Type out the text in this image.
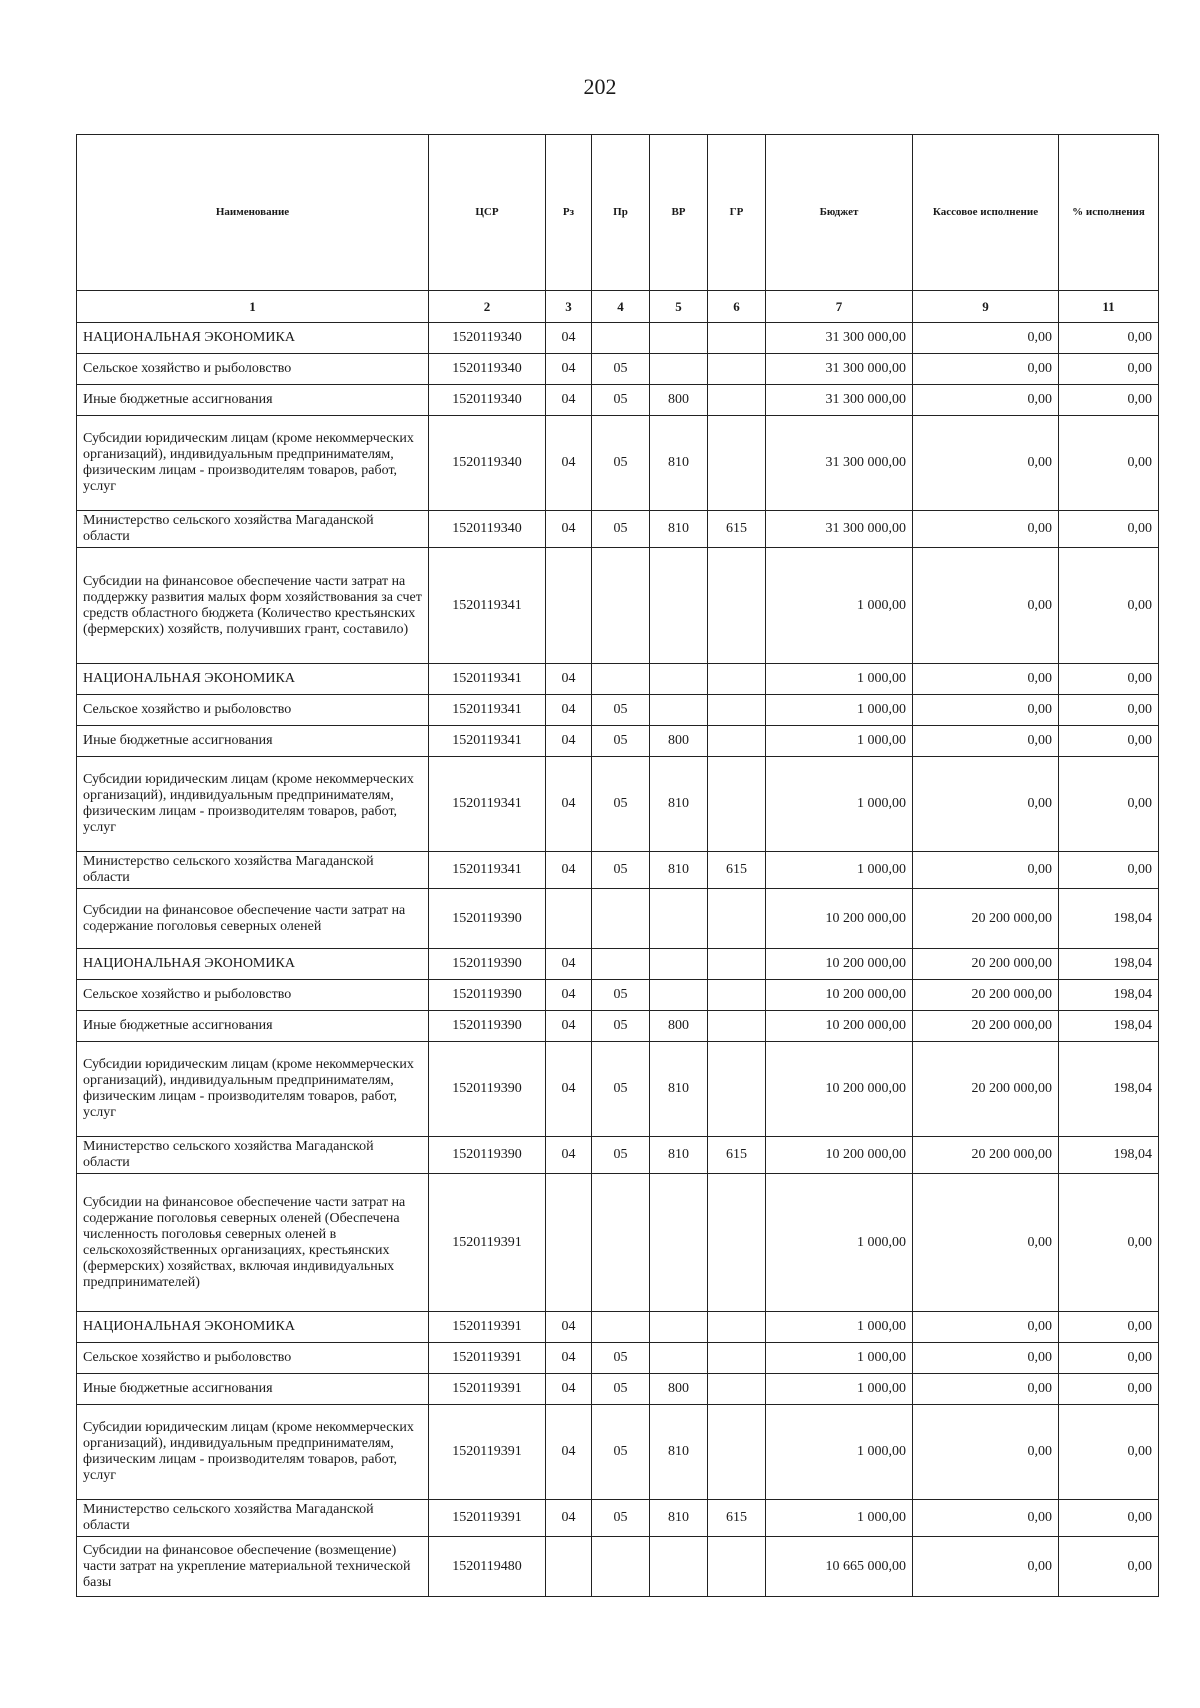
202
Наименование	ЦСР	Рз	Пр	ВР	ГР	Бюджет	Кассовое исполнение	% исполнения
1	2	3	4	5	6	7	9	11
НАЦИОНАЛЬНАЯ ЭКОНОМИКА	1520119340	04				31 300 000,00	0,00	0,00
Сельское хозяйство и рыболовство	1520119340	04	05			31 300 000,00	0,00	0,00
Иные бюджетные ассигнования	1520119340	04	05	800		31 300 000,00	0,00	0,00
Субсидии юридическим лицам (кроме некоммерческих организаций), индивидуальным предпринимателям, физическим лицам - производителям товаров, работ, услуг	1520119340	04	05	810		31 300 000,00	0,00	0,00
Министерство сельского хозяйства Магаданской области	1520119340	04	05	810	615	31 300 000,00	0,00	0,00
Субсидии на финансовое обеспечение части затрат на поддержку развития малых форм хозяйствования за счет средств областного бюджета (Количество крестьянских (фермерских) хозяйств, получивших грант, составило)	1520119341					1 000,00	0,00	0,00
НАЦИОНАЛЬНАЯ ЭКОНОМИКА	1520119341	04				1 000,00	0,00	0,00
Сельское хозяйство и рыболовство	1520119341	04	05			1 000,00	0,00	0,00
Иные бюджетные ассигнования	1520119341	04	05	800		1 000,00	0,00	0,00
Субсидии юридическим лицам (кроме некоммерческих организаций), индивидуальным предпринимателям, физическим лицам - производителям товаров, работ, услуг	1520119341	04	05	810		1 000,00	0,00	0,00
Министерство сельского хозяйства Магаданской области	1520119341	04	05	810	615	1 000,00	0,00	0,00
Субсидии на финансовое обеспечение части затрат на содержание поголовья северных оленей	1520119390					10 200 000,00	20 200 000,00	198,04
НАЦИОНАЛЬНАЯ ЭКОНОМИКА	1520119390	04				10 200 000,00	20 200 000,00	198,04
Сельское хозяйство и рыболовство	1520119390	04	05			10 200 000,00	20 200 000,00	198,04
Иные бюджетные ассигнования	1520119390	04	05	800		10 200 000,00	20 200 000,00	198,04
Субсидии юридическим лицам (кроме некоммерческих организаций), индивидуальным предпринимателям, физическим лицам - производителям товаров, работ, услуг	1520119390	04	05	810		10 200 000,00	20 200 000,00	198,04
Министерство сельского хозяйства Магаданской области	1520119390	04	05	810	615	10 200 000,00	20 200 000,00	198,04
Субсидии на финансовое обеспечение части затрат на содержание поголовья северных оленей (Обеспечена численность поголовья северных оленей в сельскохозяйственных организациях, крестьянских (фермерских) хозяйствах, включая индивидуальных предпринимателей)	1520119391					1 000,00	0,00	0,00
НАЦИОНАЛЬНАЯ ЭКОНОМИКА	1520119391	04				1 000,00	0,00	0,00
Сельское хозяйство и рыболовство	1520119391	04	05			1 000,00	0,00	0,00
Иные бюджетные ассигнования	1520119391	04	05	800		1 000,00	0,00	0,00
Субсидии юридическим лицам (кроме некоммерческих организаций), индивидуальным предпринимателям, физическим лицам - производителям товаров, работ, услуг	1520119391	04	05	810		1 000,00	0,00	0,00
Министерство сельского хозяйства Магаданской области	1520119391	04	05	810	615	1 000,00	0,00	0,00
Субсидии на финансовое обеспечение (возмещение) части затрат на укрепление материальной технической базы	1520119480					10 665 000,00	0,00	0,00
